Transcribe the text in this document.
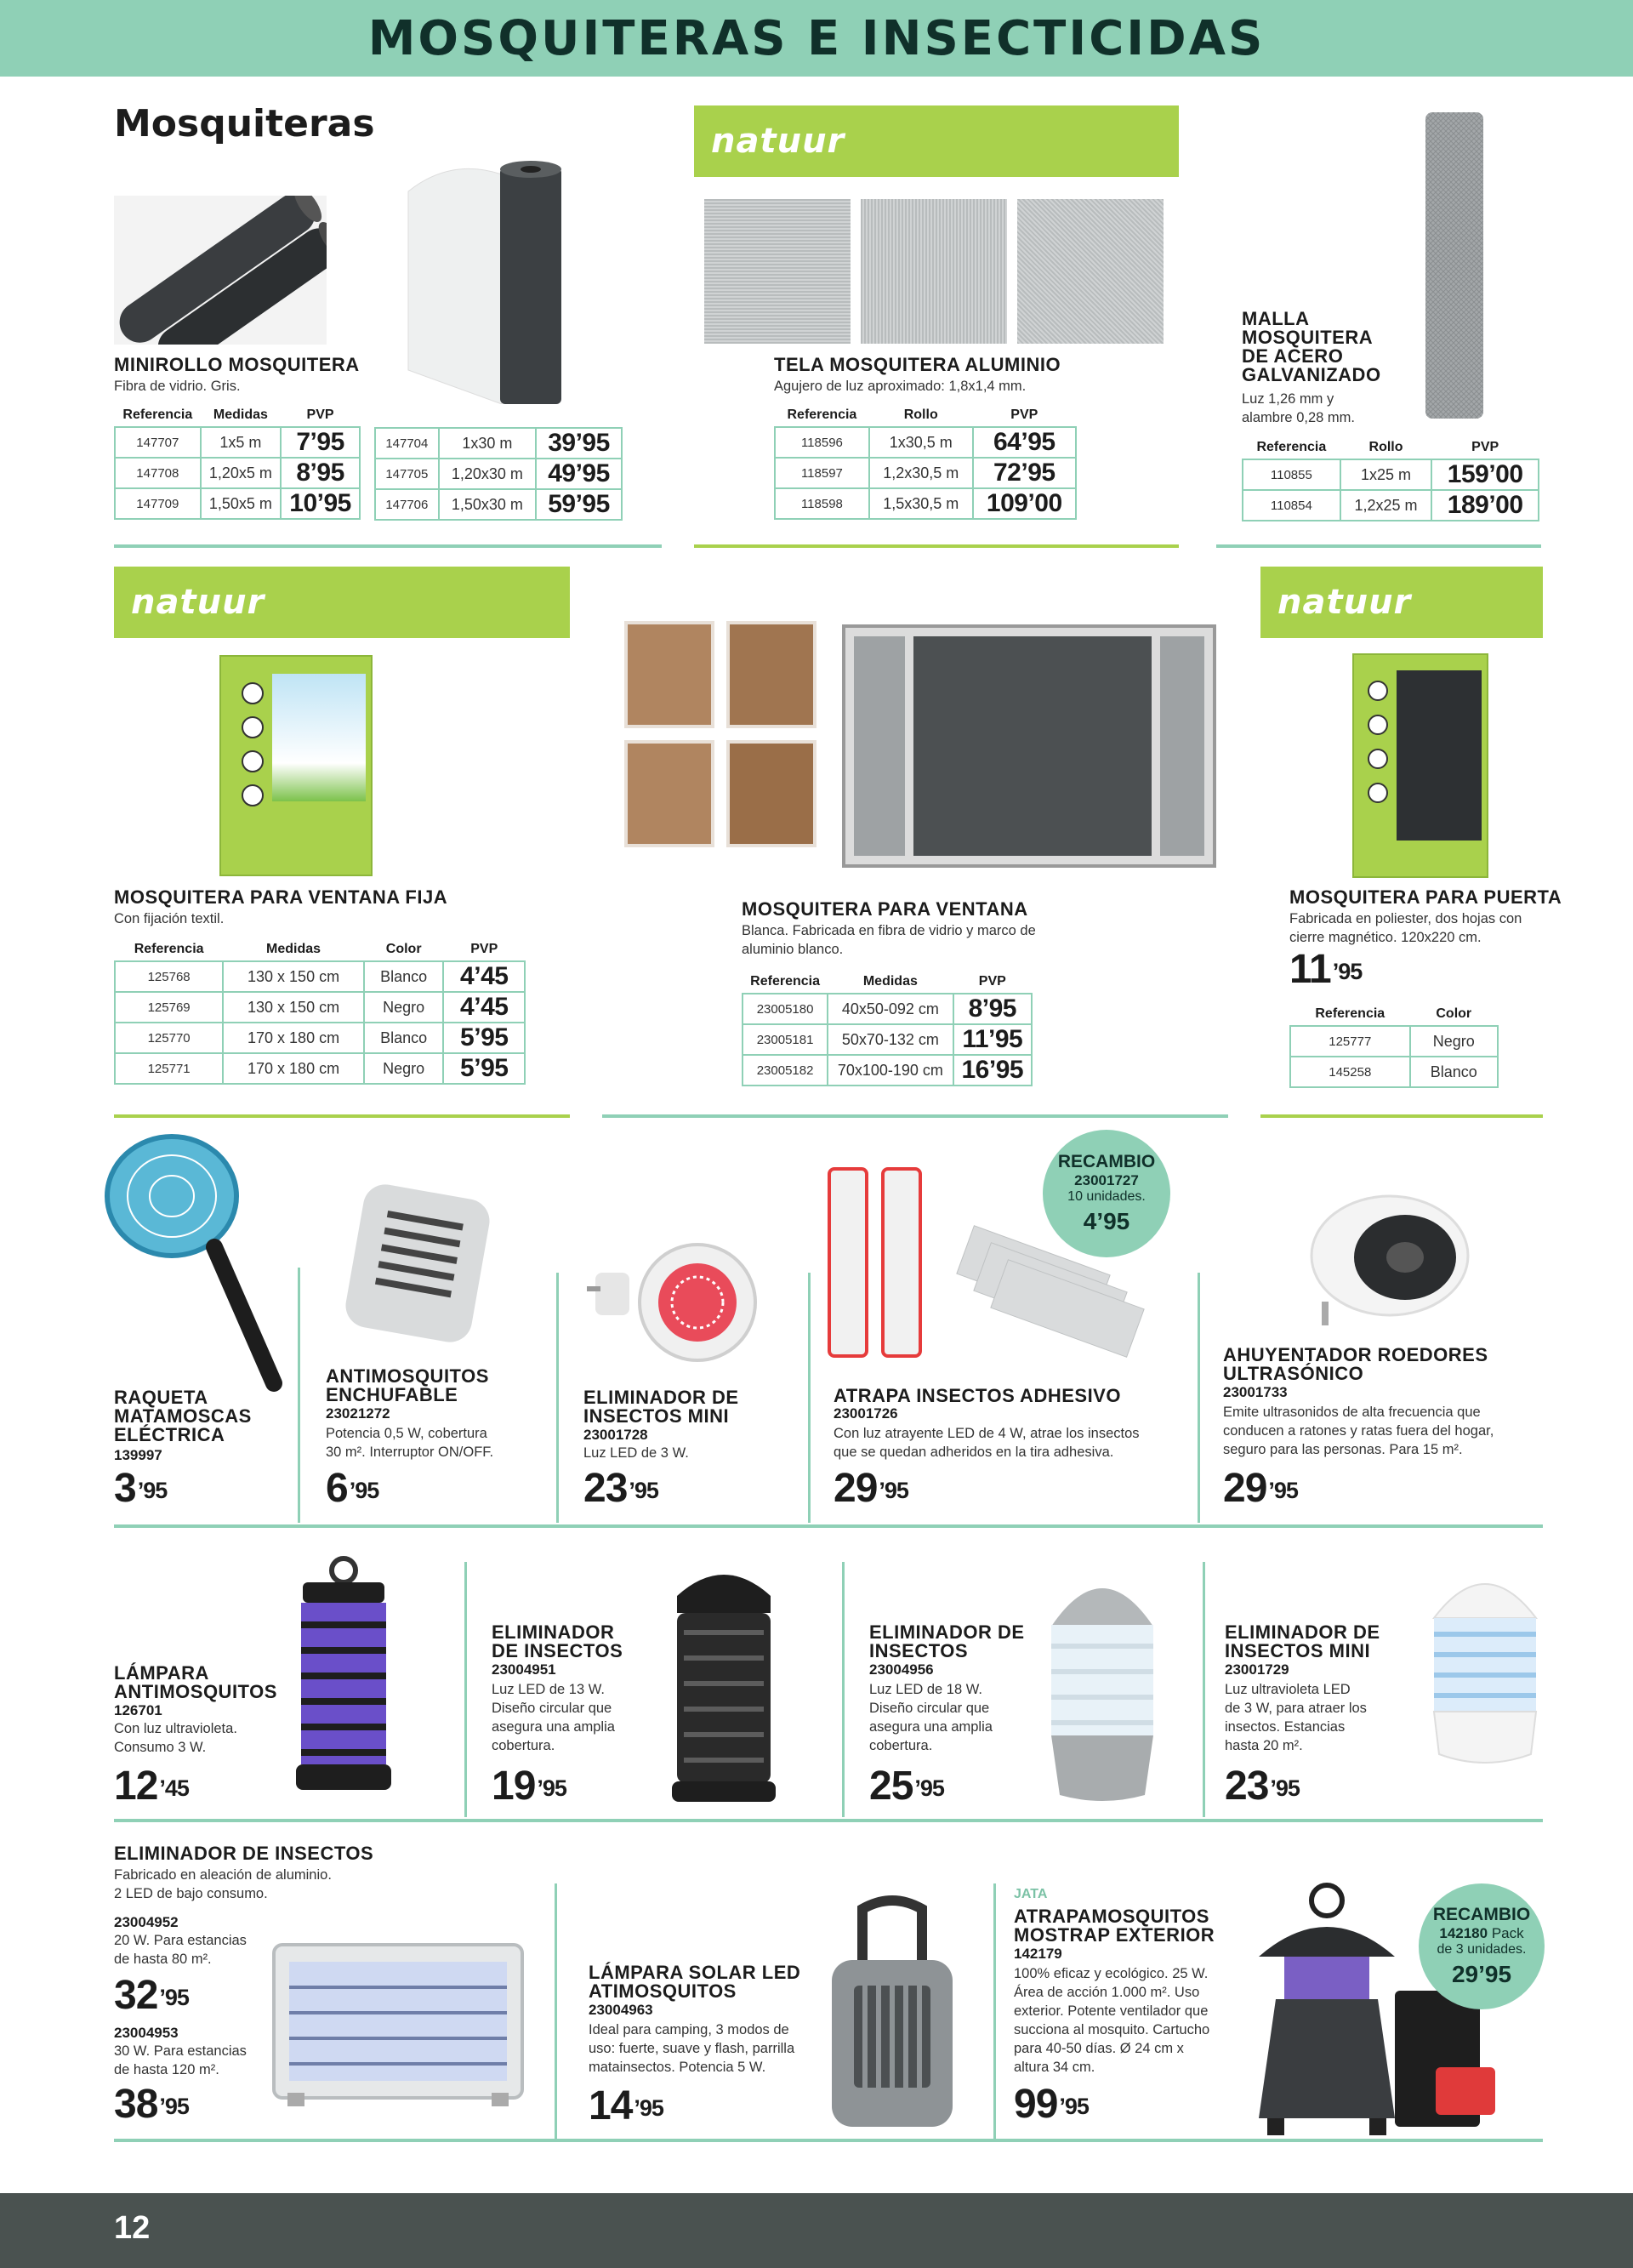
MOSQUITERAS E INSECTICIDAS
Mosquiteras
MINIROLLO MOSQUITERA
Fibra de vidrio. Gris.
Referencia	Medidas	PVP
147707	1x5 m	7’95
147708	1,20x5 m	8’95
147709	1,50x5 m	10’95
147704	1x30 m	39’95
147705	1,20x30 m	49’95
147706	1,50x30 m	59’95
natuur
TELA MOSQUITERA ALUMINIO
Agujero de luz aproximado: 1,8x1,4 mm.
Referencia	Rollo	PVP
118596	1x30,5 m	64’95
118597	1,2x30,5 m	72’95
118598	1,5x30,5 m	109’00
MALLA
MOSQUITERA
DE ACERO
GALVANIZADO
Luz 1,26 mm y
alambre 0,28 mm.
Referencia	Rollo	PVP
110855	1x25 m	159’00
110854	1,2x25 m	189’00
natuur
MOSQUITERA PARA VENTANA FIJA
Con fijación textil.
Referencia	Medidas	Color	PVP
125768	130 x 150 cm	Blanco	4’45
125769	130 x 150 cm	Negro	4’45
125770	170 x 180 cm	Blanco	5’95
125771	170 x 180 cm	Negro	5’95
MOSQUITERA PARA VENTANA
Blanca. Fabricada en fibra de vidrio y marco de
aluminio blanco.
Referencia	Medidas	PVP
23005180	40x50-092 cm	8’95
23005181	50x70-132 cm	11’95
23005182	70x100-190 cm	16’95
natuur
MOSQUITERA PARA PUERTA
Fabricada en poliester, dos hojas con
cierre magnético. 120x220 cm.
$11^{’95}$
Referencia	Color
125777	Negro
145258	Blanco
RAQUETA
MATAMOSCAS
ELÉCTRICA
139997
$3^{’95}$
ANTIMOSQUITOS
ENCHUFABLE
23021272
Potencia 0,5 W, cobertura
30 m². Interruptor ON/OFF.
$6^{’95}$
ELIMINADOR DE
INSECTOS MINI
23001728
Luz LED de 3 W.
$23^{’95}$
RECAMBIO
23001727
10 unidades.
4’95
ATRAPA INSECTOS ADHESIVO
23001726
Con luz atrayente LED de 4 W, atrae los insectos
que se quedan adheridos en la tira adhesiva.
$29^{’95}$
AHUYENTADOR ROEDORES
ULTRASÓNICO
23001733
Emite ultrasonidos de alta frecuencia que
conducen a ratones y ratas fuera del hogar,
seguro para las personas. Para 15 m².
$29^{’95}$
LÁMPARA
ANTIMOSQUITOS
126701
Con luz ultravioleta.
Consumo 3 W.
$12^{’45}$
ELIMINADOR
DE INSECTOS
23004951
Luz LED de 13 W.
Diseño circular que
asegura una amplia
cobertura.
$19^{’95}$
ELIMINADOR DE
INSECTOS
23004956
Luz LED de 18 W.
Diseño circular que
asegura una amplia
cobertura.
$25^{’95}$
ELIMINADOR DE
INSECTOS MINI
23001729
Luz ultravioleta LED
de 3 W, para atraer los
insectos. Estancias
hasta 20 m².
$23^{’95}$
ELIMINADOR DE INSECTOS
Fabricado en aleación de aluminio.
2 LED de bajo consumo.
23004952
20 W. Para estancias
de hasta 80 m².
$32^{’95}$
23004953
30 W. Para estancias
de hasta 120 m².
$38^{’95}$
LÁMPARA SOLAR LED
ATIMOSQUITOS
23004963
Ideal para camping, 3 modos de
uso: fuerte, suave y flash, parrilla
matainsectos. Potencia 5 W.
$14^{’95}$
JATA
ATRAPAMOSQUITOS
MOSTRAP EXTERIOR
142179
100% eficaz y ecológico. 25 W.
Área de acción 1.000 m². Uso
exterior. Potente ventilador que
succiona al mosquito. Cartucho
para 40-50 días. Ø 24 cm x
altura 34 cm.
$99^{’95}$
RECAMBIO
142180 Pack
de 3 unidades.
29’95
12
